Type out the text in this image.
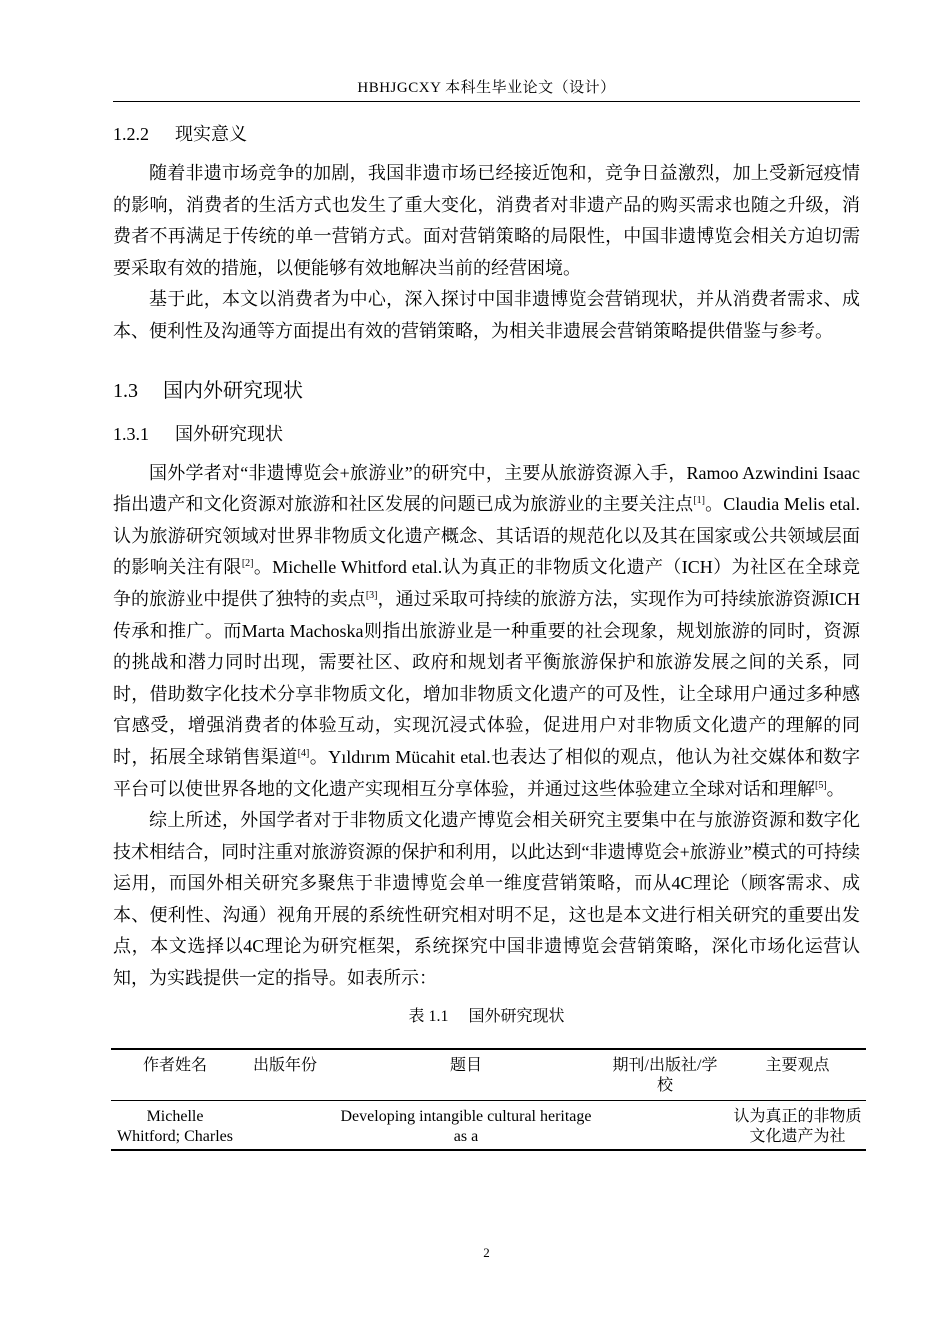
HBHJGCXY 本科生毕业论文（设计）
1.2.2 现实意义

随着非遗市场竞争的加剧，我国非遗市场已经接近饱和，竞争日益激烈，加上受新冠疫情的影响，消费者的生活方式也发生了重大变化，消费者对非遗产品的购买需求也随之升级，消费者不再满足于传统的单一营销方式。面对营销策略的局限性，中国非遗博览会相关方迫切需要采取有效的措施，以便能够有效地解决当前的经营困境。

基于此，本文以消费者为中心，深入探讨中国非遗博览会营销现状，并从消费者需求、成本、便利性及沟通等方面提出有效的营销策略，为相关非遗展会营销策略提供借鉴与参考。

1.3 国内外研究现状
1.3.1 国外研究现状

国外学者对“非遗博览会+旅游业”的研究中，主要从旅游资源入手，Ramoo Azwindini Isaac指出遗产和文化资源对旅游和社区发展的问题已成为旅游业的主要关注点[1]。Claudia Melis etal.认为旅游研究领域对世界非物质文化遗产概念、其话语的规范化以及其在国家或公共领域层面的影响关注有限[2]。Michelle Whitford etal.认为真正的非物质文化遗产（ICH）为社区在全球竞争的旅游业中提供了独特的卖点[3]，通过采取可持续的旅游方法，实现作为可持续旅游资源ICH传承和推广。而Marta Machoska则指出旅游业是一种重要的社会现象，规划旅游的同时，资源的挑战和潜力同时出现，需要社区、政府和规划者平衡旅游保护和旅游发展之间的关系，同时，借助数字化技术分享非物质文化，增加非物质文化遗产的可及性，让全球用户通过多种感官感受，增强消费者的体验互动，实现沉浸式体验，促进用户对非物质文化遗产的理解的同时，拓展全球销售渠道[4]。Yıldırım Mücahit etal.也表达了相似的观点，他认为社交媒体和数字平台可以使世界各地的文化遗产实现相互分享体验，并通过这些体验建立全球对话和理解[5]。

综上所述，外国学者对于非物质文化遗产博览会相关研究主要集中在与旅游资源和数字化技术相结合，同时注重对旅游资源的保护和利用，以此达到“非遗博览会+旅游业”模式的可持续运用，而国外相关研究多聚焦于非遗博览会单一维度营销策略，而从4C理论（顾客需求、成本、便利性、沟通）视角开展的系统性研究相对明不足，这也是本文进行相关研究的重要出发点，本文选择以4C理论为研究框架，系统探究中国非遗博览会营销策略，深化市场化运营认知，为实践提供一定的指导。如表所示：

表 1.1 国外研究现状
作者姓名	出版年份	题目	期刊/出版社/学校	主要观点
Michelle Whitford; Charles		Developing intangible cultural heritage as a		认为真正的非物质文化遗产为社
2
